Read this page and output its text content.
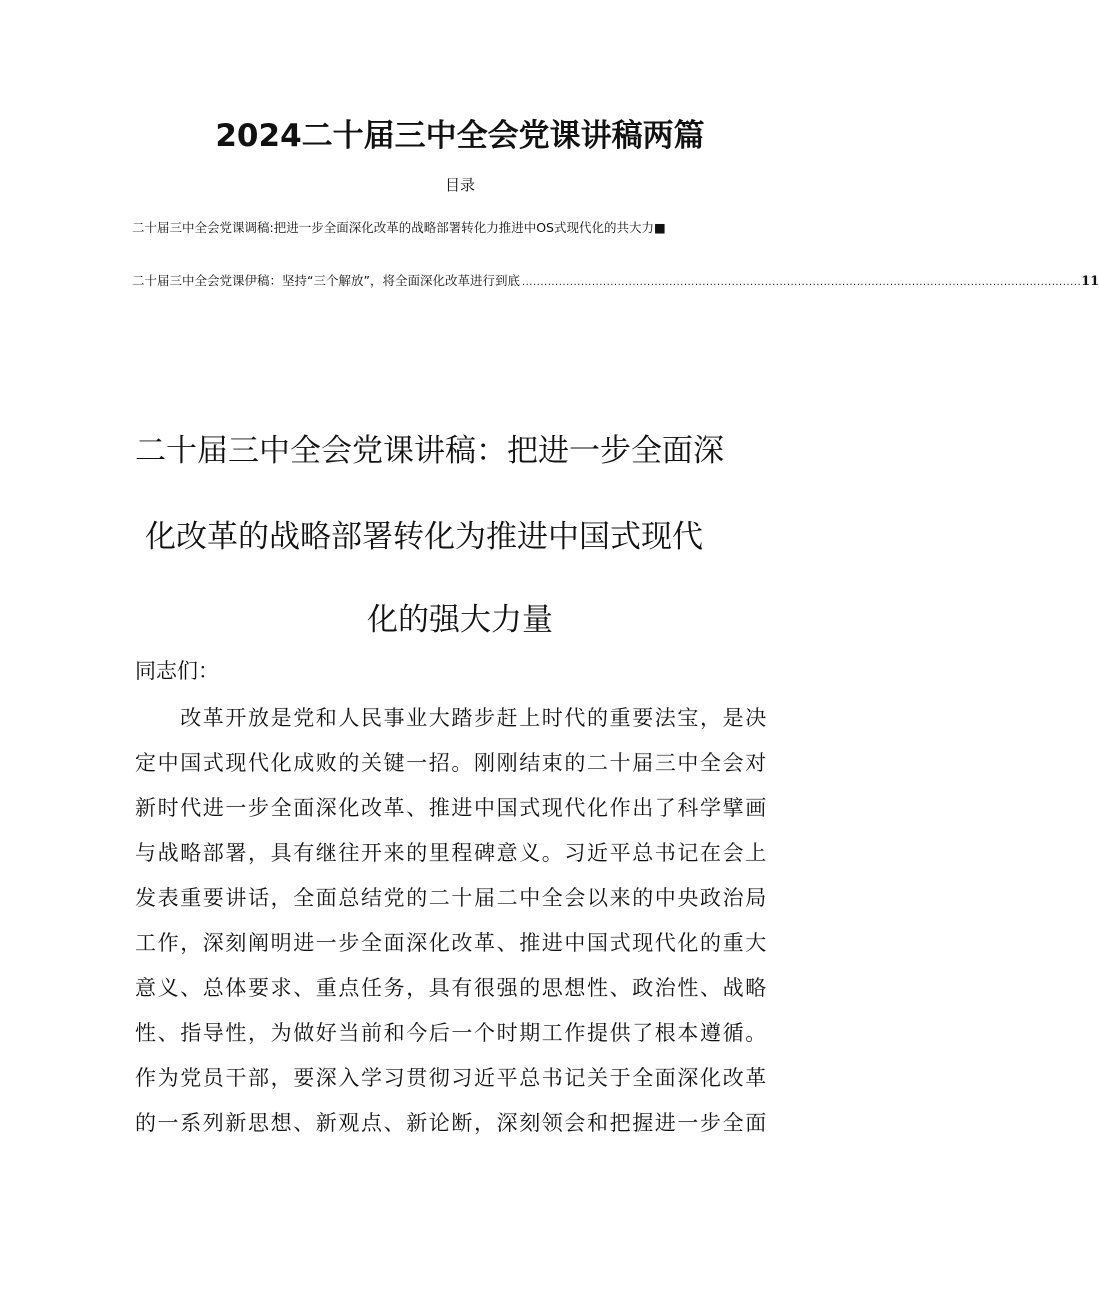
2024二十届三中全会党课讲稿两篇
目录
二十届三中全会党课调稿:把进一步全面深化改革的战略部署转化力推进中OS式现代化的共大力■
二十届三中全会党课伊稿：坚持“三个解放”，将全面深化改革进行到底 ........................................................................................................................................................ 11
二十届三中全会党课讲稿：把进一步全面深
化改革的战略部署转化为推进中国式现代
化的强大力量

同志们：

　　改革开放是党和人民事业大踏步赶上时代的重要法宝，是决

定中国式现代化成败的关键一招。刚刚结束的二十届三中全会对

新时代进一步全面深化改革、推进中国式现代化作出了科学擘画

与战略部署，具有继往开来的里程碑意义。习近平总书记在会上

发表重要讲话，全面总结党的二十届二中全会以来的中央政治局

工作，深刻阐明进一步全面深化改革、推进中国式现代化的重大

意义、总体要求、重点任务，具有很强的思想性、政治性、战略

性、指导性，为做好当前和今后一个时期工作提供了根本遵循。

作为党员干部，要深入学习贯彻习近平总书记关于全面深化改革

的一系列新思想、新观点、新论断，深刻领会和把握进一步全面
